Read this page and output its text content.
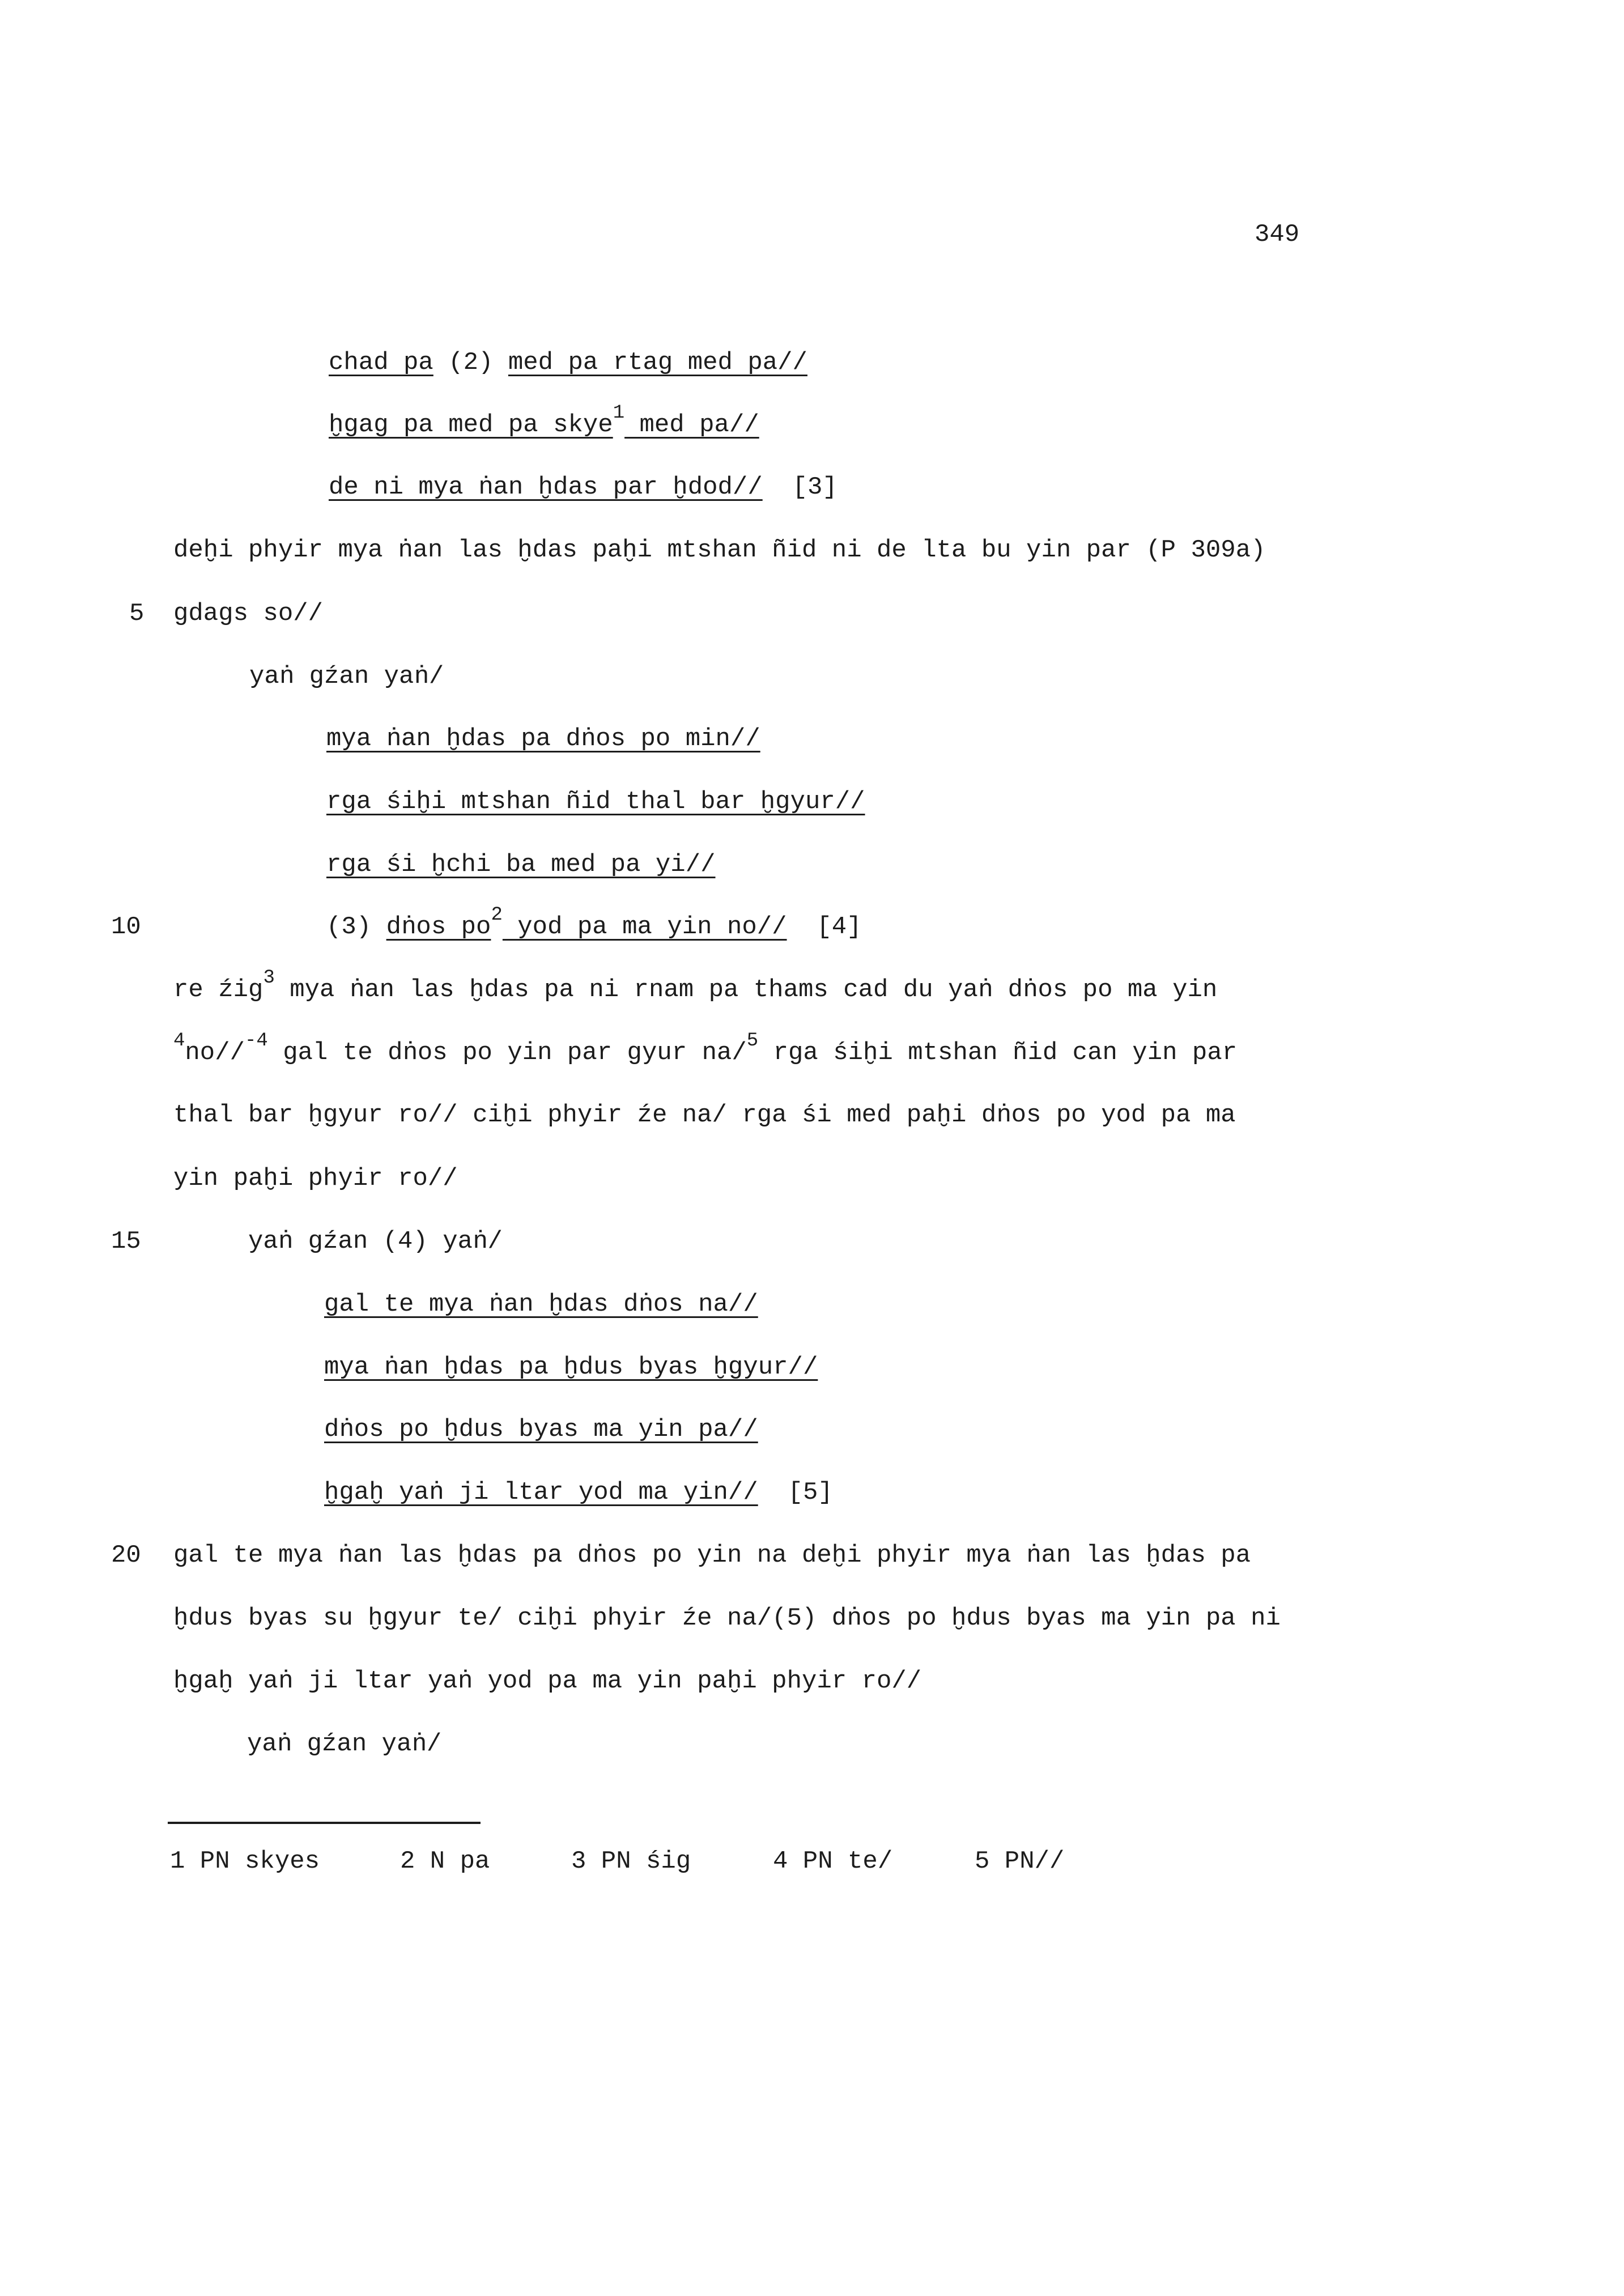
349
chad pa (2) med pa rtag med pa//
ḫgag pa med pa skye$^1$ med pa//
de ni mya ṅan ḫdas par ḫdod//  [3]
deḫi phyir mya ṅan las ḫdas paḫi mtshan ñid ni de lta bu yin par (P 309a)
gdags so//
yaṅ gźan yaṅ/
mya ṅan ḫdas pa dṅos po min//
rga śiḫi mtshan ñid thal bar ḫgyur//
rga śi ḫchi ba med pa yi//
(3) dṅos $po^2$ yod pa ma yin no//  [4]
re źig$^3$ mya ṅan las ḫdas pa ni rnam pa thams cad du yaṅ dṅos po ma yin
$^4$no//$^{-4}$ gal te dṅos po yin par gyur na/$^5$ rga śiḫi mtshan ñid can yin par
thal bar ḫgyur ro// ciḫi phyir źe na/ rga śi med paḫi dṅos po yod pa ma
yin paḫi phyir ro//
yaṅ gźan (4) yaṅ/
gal te mya ṅan ḫdas dṅos na//
mya ṅan ḫdas pa ḫdus byas ḫgyur//
dṅos po ḫdus byas ma yin pa//
ḫgaḫ yaṅ ji ltar yod ma yin//  [5]
gal te mya ṅan las ḫdas pa dṅos po yin na deḫi phyir mya ṅan las ḫdas pa
ḫdus byas su ḫgyur te/ ciḫi phyir źe na/(5) dṅos po ḫdus byas ma yin pa ni
ḫgaḫ yaṅ ji ltar yaṅ yod pa ma yin paḫi phyir ro//
yaṅ gźan yaṅ/
5
10
15
20
1 PN skyes	2 N pa	3 PN śig	4 PN te/	5 PN//
